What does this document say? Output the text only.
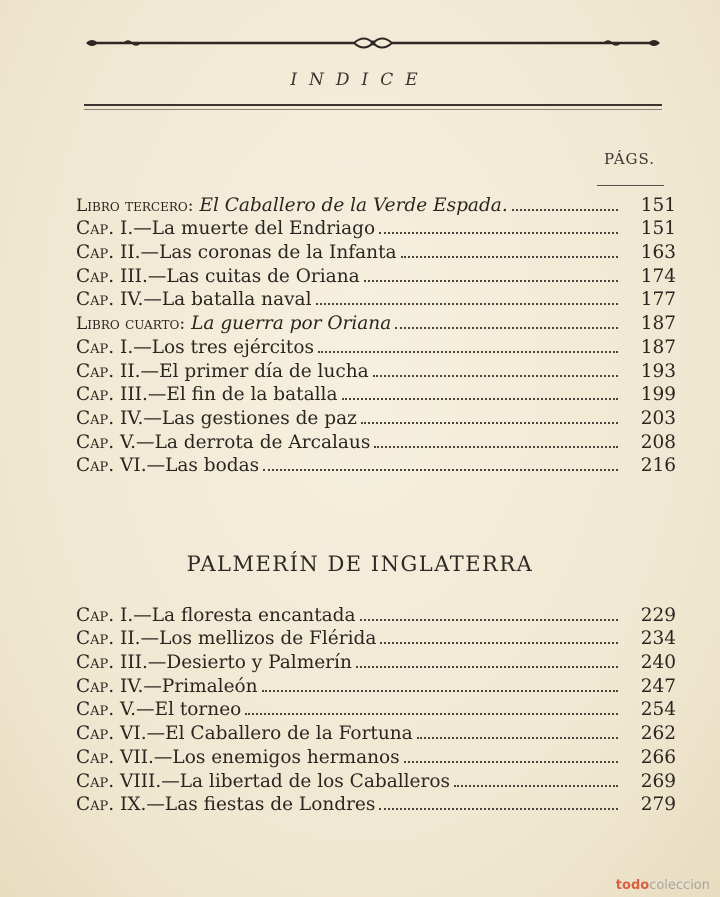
INDICE
PÁGS.
Libro tercero: El Caballero de la Verde Espada.	151
Cap. I.—La muerte del Endriago	151
Cap. II.—Las coronas de la Infanta	163
Cap. III.—Las cuitas de Oriana	174
Cap. IV.—La batalla naval	177
Libro cuarto: La guerra por Oriana	187
Cap. I.—Los tres ejércitos	187
Cap. II.—El primer día de lucha	193
Cap. III.—El fin de la batalla	199
Cap. IV.—Las gestiones de paz	203
Cap. V.—La derrota de Arcalaus	208
Cap. VI.—Las bodas	216
PALMERÍN DE INGLATERRA
Cap. I.—La floresta encantada	229
Cap. II.—Los mellizos de Flérida	234
Cap. III.—Desierto y Palmerín	240
Cap. IV.—Primaleón	247
Cap. V.—El torneo	254
Cap. VI.—El Caballero de la Fortuna	262
Cap. VII.—Los enemigos hermanos	266
Cap. VIII.—La libertad de los Caballeros	269
Cap. IX.—Las fiestas de Londres	279
todocoleccion
